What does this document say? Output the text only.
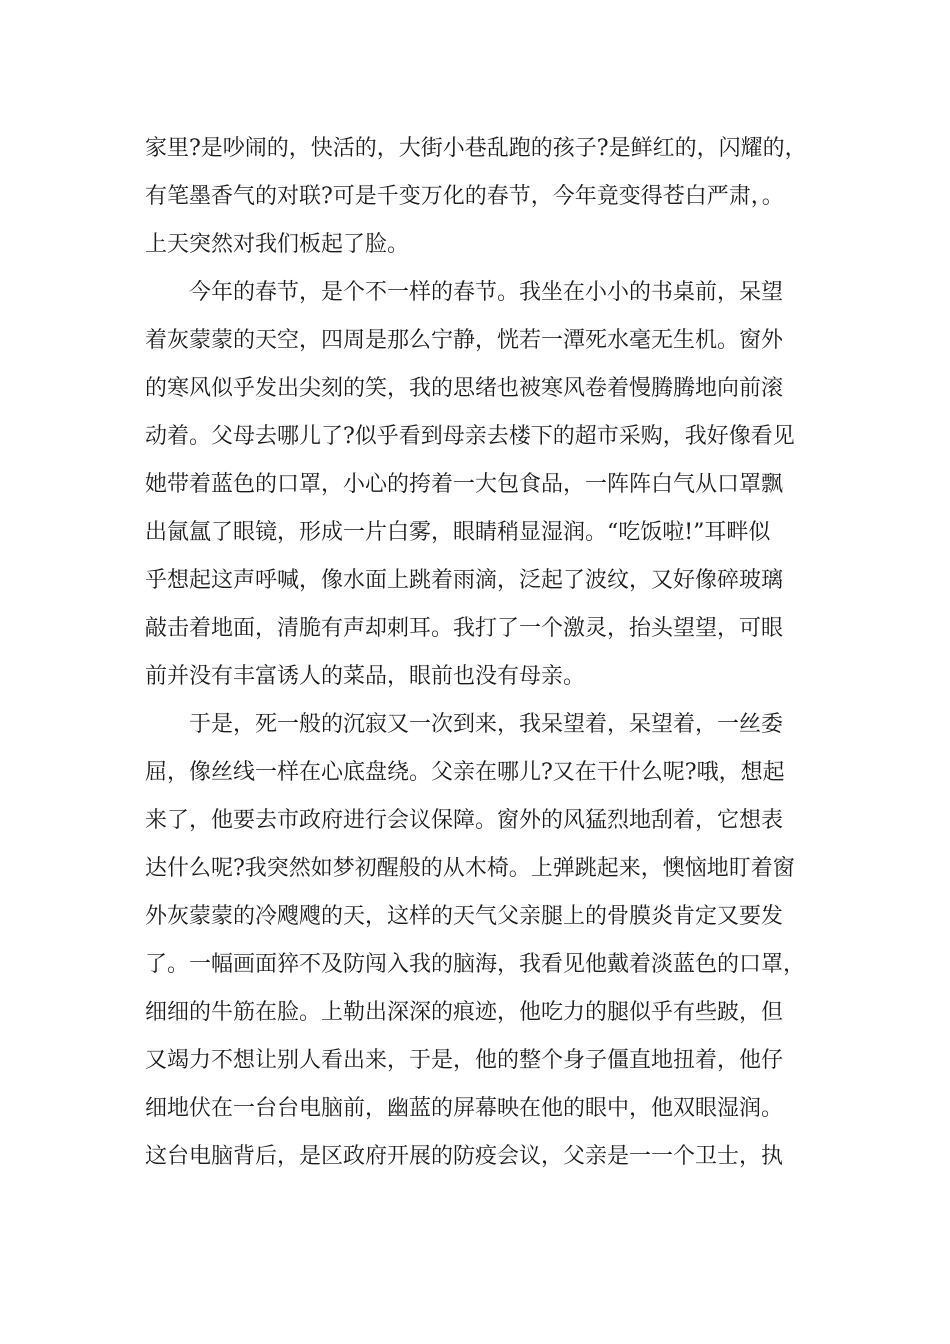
家里?是吵闹的，快活的，大街小巷乱跑的孩子?是鲜红的，闪耀的，
有笔墨香气的对联?可是千变万化的春节，今年竟变得苍白严肃，。
上天突然对我们板起了脸。
　　今年的春节，是个不一样的春节。我坐在小小的书桌前，呆望
着灰蒙蒙的天空，四周是那么宁静，恍若一潭死水毫无生机。窗外
的寒风似乎发出尖刻的笑，我的思绪也被寒风卷着慢腾腾地向前滚
动着。父母去哪儿了?似乎看到母亲去楼下的超市采购，我好像看见
她带着蓝色的口罩，小心的挎着一大包食品，一阵阵白气从口罩飘
出氤氲了眼镜，形成一片白雾，眼睛稍显湿润。“吃饭啦!”耳畔似
乎想起这声呼喊，像水面上跳着雨滴，泛起了波纹，又好像碎玻璃
敲击着地面，清脆有声却刺耳。我打了一个激灵，抬头望望，可眼
前并没有丰富诱人的菜品，眼前也没有母亲。
　　于是，死一般的沉寂又一次到来，我呆望着，呆望着，一丝委
屈，像丝线一样在心底盘绕。父亲在哪儿?又在干什么呢?哦，想起
来了，他要去市政府进行会议保障。窗外的风猛烈地刮着，它想表
达什么呢?我突然如梦初醒般的从木椅。上弹跳起来，懊恼地盯着窗
外灰蒙蒙的冷飕飕的天，这样的天气父亲腿上的骨膜炎肯定又要发
了。一幅画面猝不及防闯入我的脑海，我看见他戴着淡蓝色的口罩，
细细的牛筋在脸。上勒出深深的痕迹，他吃力的腿似乎有些跛，但
又竭力不想让别人看出来，于是，他的整个身子僵直地扭着，他仔
细地伏在一台台电脑前，幽蓝的屏幕映在他的眼中，他双眼湿润。
这台电脑背后，是区政府开展的防疫会议，父亲是一一个卫士，执
